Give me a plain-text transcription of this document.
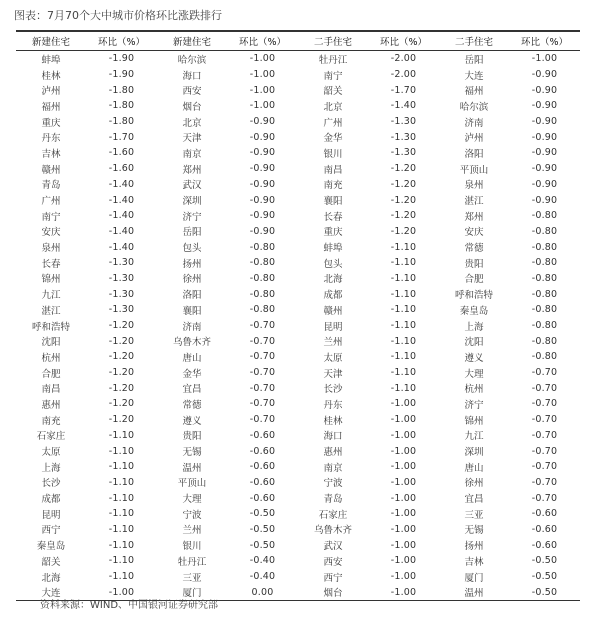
图表：7月70个大中城市价格环比涨跌排行
新建住宅	环比（%）	新建住宅	环比（%）	二手住宅	环比（%）	二手住宅	环比（%）
蚌埠	-1.90	哈尔滨	-1.00	牡丹江	-2.00	岳阳	-1.00
桂林	-1.90	海口	-1.00	南宁	-2.00	大连	-0.90
泸州	-1.80	西安	-1.00	韶关	-1.70	福州	-0.90
福州	-1.80	烟台	-1.00	北京	-1.40	哈尔滨	-0.90
重庆	-1.80	北京	-0.90	广州	-1.30	济南	-0.90
丹东	-1.70	天津	-0.90	金华	-1.30	泸州	-0.90
吉林	-1.60	南京	-0.90	银川	-1.30	洛阳	-0.90
赣州	-1.60	郑州	-0.90	南昌	-1.20	平顶山	-0.90
青岛	-1.40	武汉	-0.90	南充	-1.20	泉州	-0.90
广州	-1.40	深圳	-0.90	襄阳	-1.20	湛江	-0.90
南宁	-1.40	济宁	-0.90	长春	-1.20	郑州	-0.80
安庆	-1.40	岳阳	-0.90	重庆	-1.20	安庆	-0.80
泉州	-1.40	包头	-0.80	蚌埠	-1.10	常德	-0.80
长春	-1.30	扬州	-0.80	包头	-1.10	贵阳	-0.80
锦州	-1.30	徐州	-0.80	北海	-1.10	合肥	-0.80
九江	-1.30	洛阳	-0.80	成都	-1.10	呼和浩特	-0.80
湛江	-1.30	襄阳	-0.80	赣州	-1.10	秦皇岛	-0.80
呼和浩特	-1.20	济南	-0.70	昆明	-1.10	上海	-0.80
沈阳	-1.20	乌鲁木齐	-0.70	兰州	-1.10	沈阳	-0.80
杭州	-1.20	唐山	-0.70	太原	-1.10	遵义	-0.80
合肥	-1.20	金华	-0.70	天津	-1.10	大理	-0.70
南昌	-1.20	宜昌	-0.70	长沙	-1.10	杭州	-0.70
惠州	-1.20	常德	-0.70	丹东	-1.00	济宁	-0.70
南充	-1.20	遵义	-0.70	桂林	-1.00	锦州	-0.70
石家庄	-1.10	贵阳	-0.60	海口	-1.00	九江	-0.70
太原	-1.10	无锡	-0.60	惠州	-1.00	深圳	-0.70
上海	-1.10	温州	-0.60	南京	-1.00	唐山	-0.70
长沙	-1.10	平顶山	-0.60	宁波	-1.00	徐州	-0.70
成都	-1.10	大理	-0.60	青岛	-1.00	宜昌	-0.70
昆明	-1.10	宁波	-0.50	石家庄	-1.00	三亚	-0.60
西宁	-1.10	兰州	-0.50	乌鲁木齐	-1.00	无锡	-0.60
秦皇岛	-1.10	银川	-0.50	武汉	-1.00	扬州	-0.60
韶关	-1.10	牡丹江	-0.40	西安	-1.00	吉林	-0.50
北海	-1.10	三亚	-0.40	西宁	-1.00	厦门	-0.50
大连	-1.00	厦门	0.00	烟台	-1.00	温州	-0.50
资料来源：WIND、中国银河证券研究部
